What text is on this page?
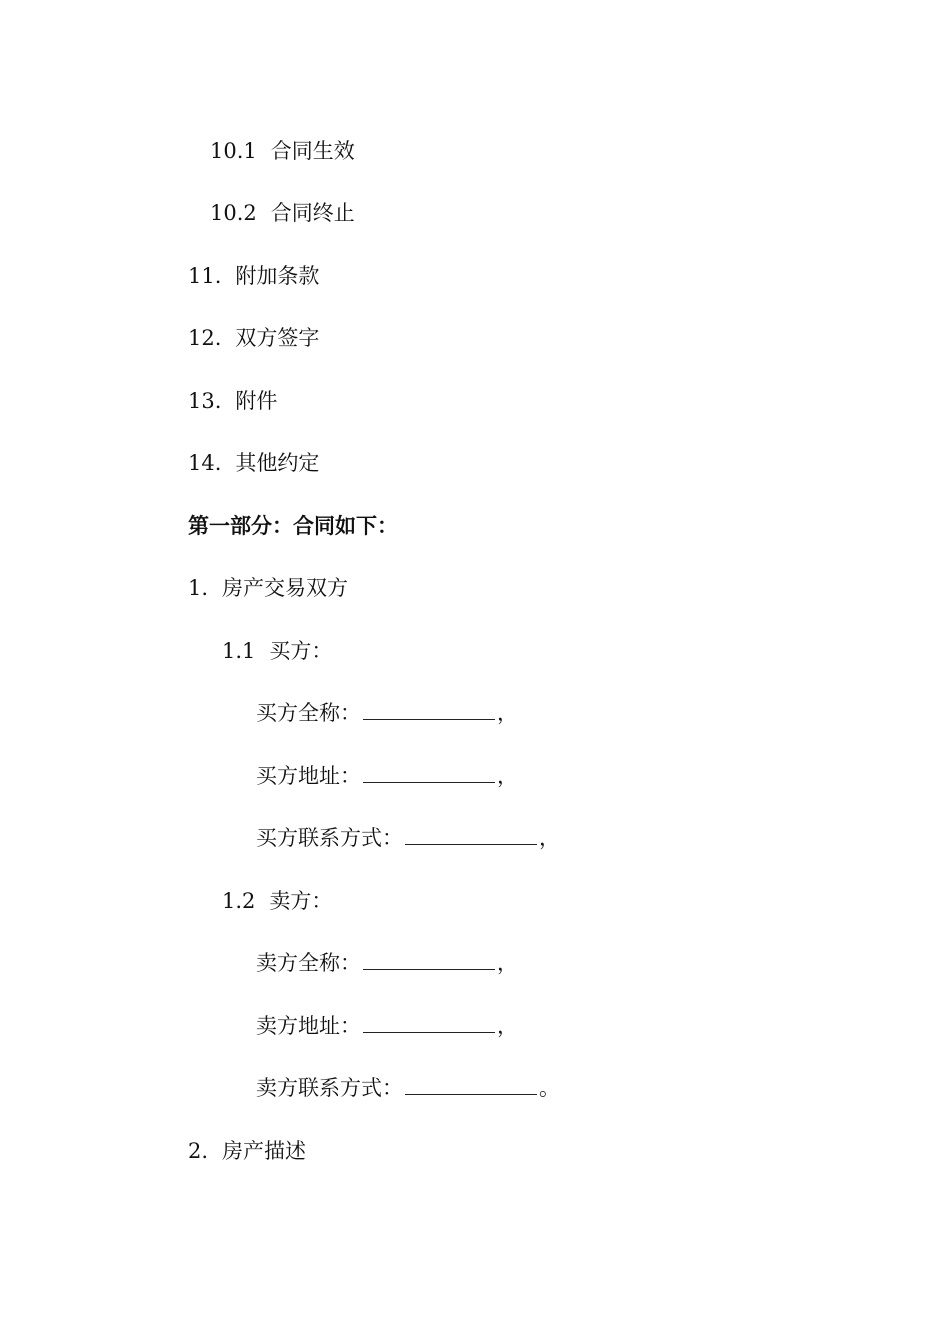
10.1 合同生效
10.2 合同终止
11. 附加条款
12. 双方签字
13. 附件
14. 其他约定
第一部分：合同如下：
1. 房产交易双方
1.1 买方：
买方全称：	，
买方地址：	，
买方联系方式：	，
1.2 卖方：
卖方全称：	，
卖方地址：	，
卖方联系方式：	。
2. 房产描述
